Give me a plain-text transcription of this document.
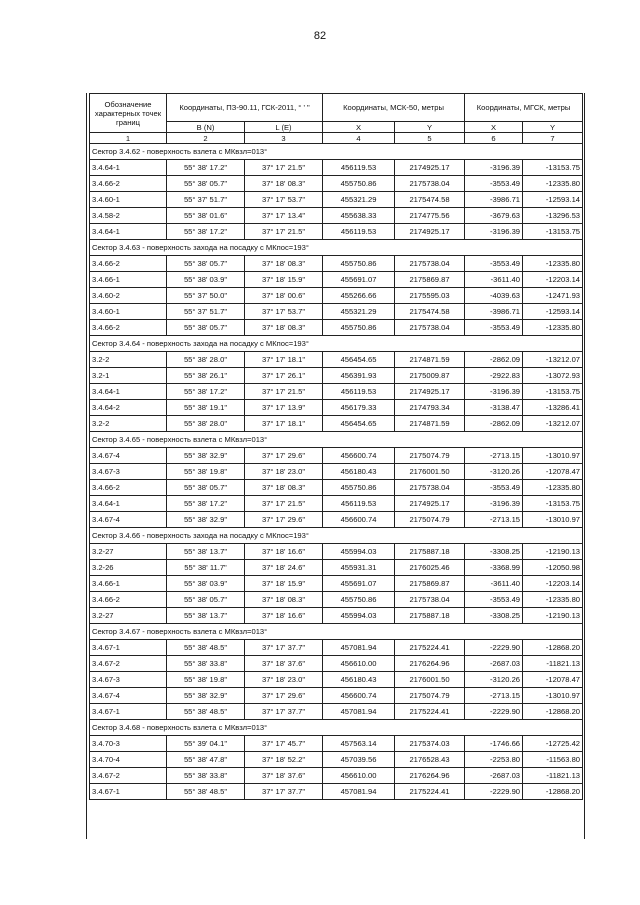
82
Обозначение характерных точек границ	Координаты, ПЗ-90.11, ГСК-2011, ° ' "		Координаты, МСК-50, метры		Координаты, МГСК, метры	
	B (N)	L (E)	X	Y	X	Y
1	2	3	4	5	6	7
Сектор 3.4.62 - поверхность взлета с МКвзл=013°						
3.4.64-1	55° 38' 17.2"	37° 17' 21.5"	456119.53	2174925.17	-3196.39	-13153.75
3.4.66-2	55° 38' 05.7"	37° 18' 08.3"	455750.86	2175738.04	-3553.49	-12335.80
3.4.60-1	55° 37' 51.7"	37° 17' 53.7"	455321.29	2175474.58	-3986.71	-12593.14
3.4.58-2	55° 38' 01.6"	37° 17' 13.4"	455638.33	2174775.56	-3679.63	-13296.53
3.4.64-1	55° 38' 17.2"	37° 17' 21.5"	456119.53	2174925.17	-3196.39	-13153.75
Сектор 3.4.63 - поверхность захода на посадку с МКпос=193°						
3.4.66-2	55° 38' 05.7"	37° 18' 08.3"	455750.86	2175738.04	-3553.49	-12335.80
3.4.66-1	55° 38' 03.9"	37° 18' 15.9"	455691.07	2175869.87	-3611.40	-12203.14
3.4.60-2	55° 37' 50.0"	37° 18' 00.6"	455266.66	2175595.03	-4039.63	-12471.93
3.4.60-1	55° 37' 51.7"	37° 17' 53.7"	455321.29	2175474.58	-3986.71	-12593.14
3.4.66-2	55° 38' 05.7"	37° 18' 08.3"	455750.86	2175738.04	-3553.49	-12335.80
Сектор 3.4.64 - поверхность захода на посадку с МКпос=193°						
3.2-2	55° 38' 28.0"	37° 17' 18.1"	456454.65	2174871.59	-2862.09	-13212.07
3.2-1	55° 38' 26.1"	37° 17' 26.1"	456391.93	2175009.87	-2922.83	-13072.93
3.4.64-1	55° 38' 17.2"	37° 17' 21.5"	456119.53	2174925.17	-3196.39	-13153.75
3.4.64-2	55° 38' 19.1"	37° 17' 13.9"	456179.33	2174793.34	-3138.47	-13286.41
3.2-2	55° 38' 28.0"	37° 17' 18.1"	456454.65	2174871.59	-2862.09	-13212.07
Сектор 3.4.65 - поверхность взлета с МКвзл=013°						
3.4.67-4	55° 38' 32.9"	37° 17' 29.6"	456600.74	2175074.79	-2713.15	-13010.97
3.4.67-3	55° 38' 19.8"	37° 18' 23.0"	456180.43	2176001.50	-3120.26	-12078.47
3.4.66-2	55° 38' 05.7"	37° 18' 08.3"	455750.86	2175738.04	-3553.49	-12335.80
3.4.64-1	55° 38' 17.2"	37° 17' 21.5"	456119.53	2174925.17	-3196.39	-13153.75
3.4.67-4	55° 38' 32.9"	37° 17' 29.6"	456600.74	2175074.79	-2713.15	-13010.97
Сектор 3.4.66 - поверхность захода на посадку с МКпос=193°						
3.2-27	55° 38' 13.7"	37° 18' 16.6"	455994.03	2175887.18	-3308.25	-12190.13
3.2-26	55° 38' 11.7"	37° 18' 24.6"	455931.31	2176025.46	-3368.99	-12050.98
3.4.66-1	55° 38' 03.9"	37° 18' 15.9"	455691.07	2175869.87	-3611.40	-12203.14
3.4.66-2	55° 38' 05.7"	37° 18' 08.3"	455750.86	2175738.04	-3553.49	-12335.80
3.2-27	55° 38' 13.7"	37° 18' 16.6"	455994.03	2175887.18	-3308.25	-12190.13
Сектор 3.4.67 - поверхность взлета с МКвзл=013°						
3.4.67-1	55° 38' 48.5"	37° 17' 37.7"	457081.94	2175224.41	-2229.90	-12868.20
3.4.67-2	55° 38' 33.8"	37° 18' 37.6"	456610.00	2176264.96	-2687.03	-11821.13
3.4.67-3	55° 38' 19.8"	37° 18' 23.0"	456180.43	2176001.50	-3120.26	-12078.47
3.4.67-4	55° 38' 32.9"	37° 17' 29.6"	456600.74	2175074.79	-2713.15	-13010.97
3.4.67-1	55° 38' 48.5"	37° 17' 37.7"	457081.94	2175224.41	-2229.90	-12868.20
Сектор 3.4.68 - поверхность взлета с МКвзл=013°						
3.4.70-3	55° 39' 04.1"	37° 17' 45.7"	457563.14	2175374.03	-1746.66	-12725.42
3.4.70-4	55° 38' 47.8"	37° 18' 52.2"	457039.56	2176528.43	-2253.80	-11563.80
3.4.67-2	55° 38' 33.8"	37° 18' 37.6"	456610.00	2176264.96	-2687.03	-11821.13
3.4.67-1	55° 38' 48.5"	37° 17' 37.7"	457081.94	2175224.41	-2229.90	-12868.20
